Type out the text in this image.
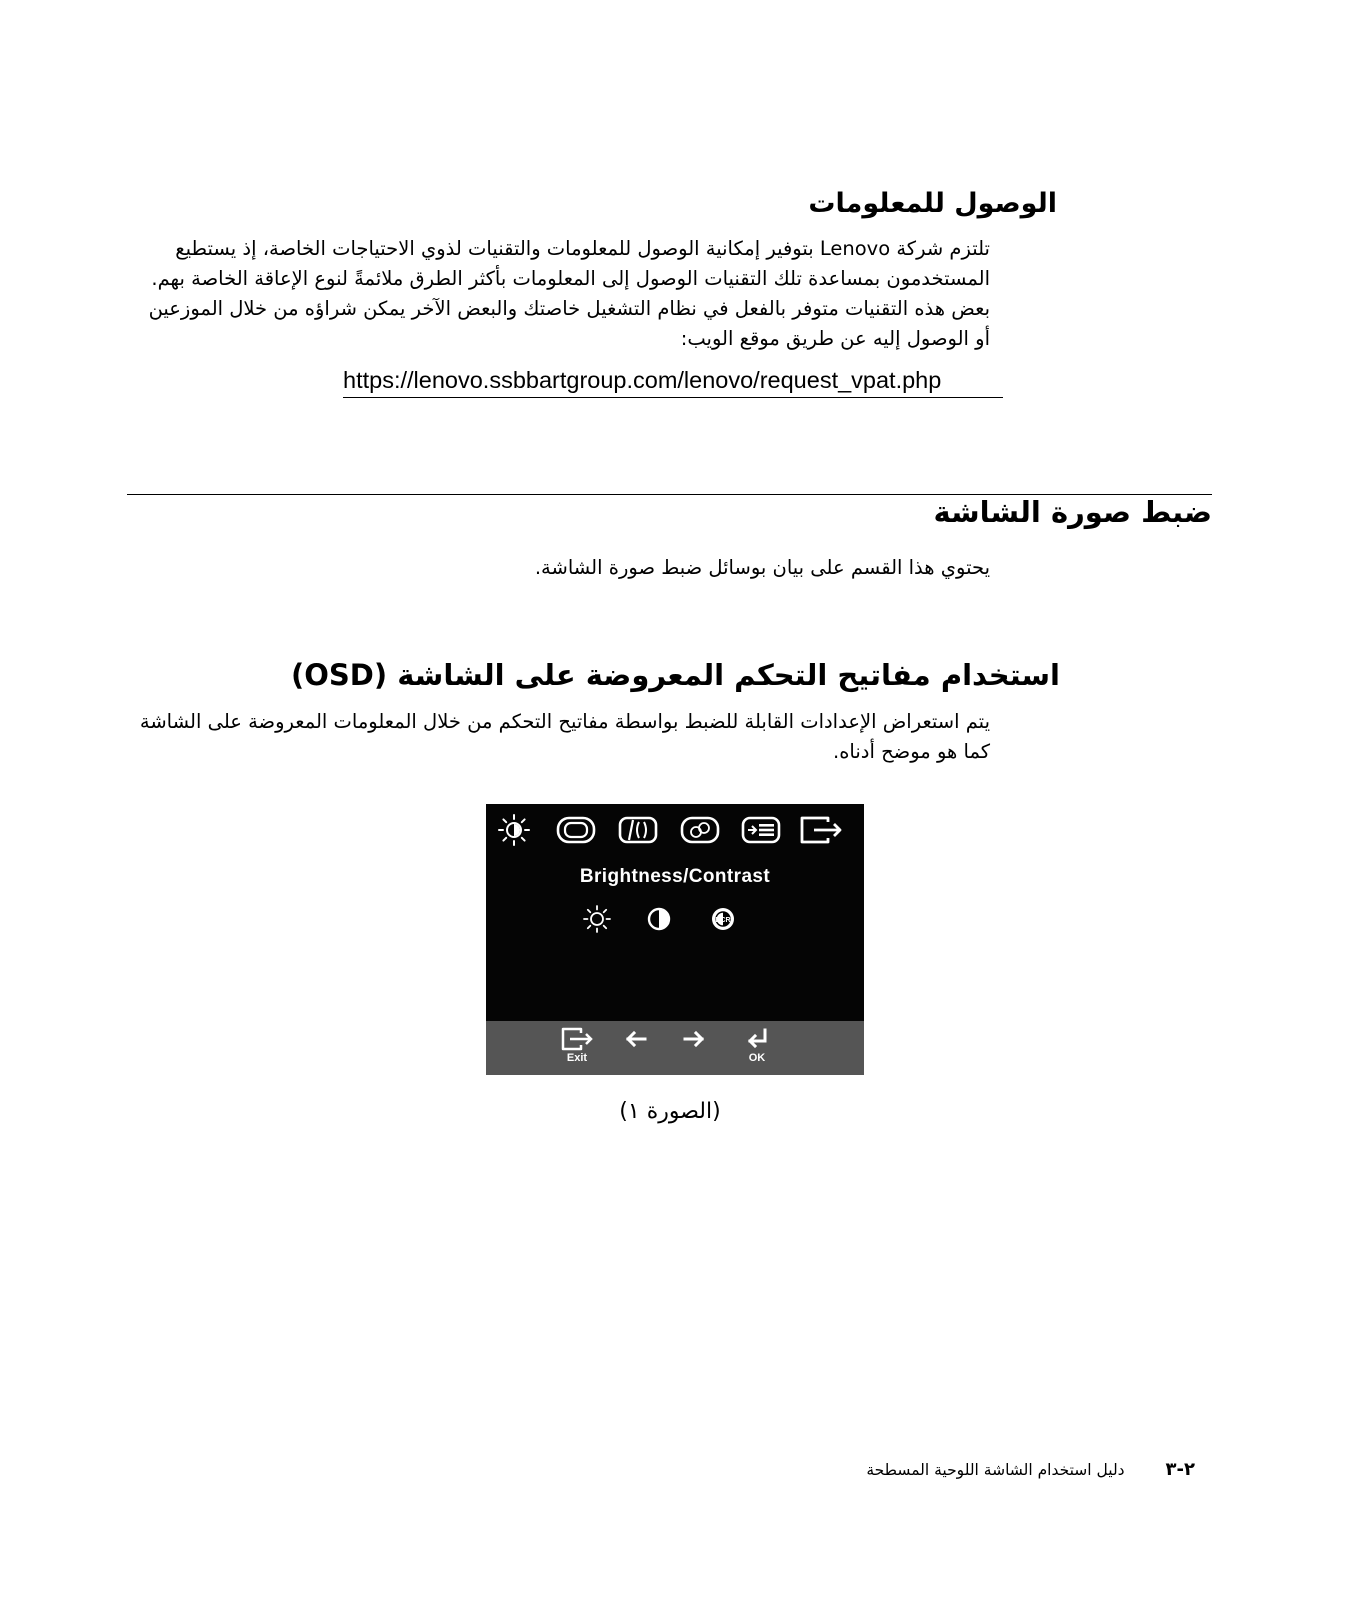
الوصول للمعلومات
تلتزم شركة Lenovo بتوفير إمكانية الوصول للمعلومات والتقنيات لذوي الاحتياجات الخاصة، إذ يستطيع المستخدمون بمساعدة تلك التقنيات الوصول إلى المعلومات بأكثر الطرق ملائمةً لنوع الإعاقة الخاصة بهم. بعض هذه التقنيات متوفر بالفعل في نظام التشغيل خاصتك والبعض الآخر يمكن شراؤه من خلال الموزعين أو الوصول إليه عن طريق موقع الويب:
https://lenovo.ssbbartgroup.com/lenovo/request_vpat.php
ضبط صورة الشاشة
يحتوي هذا القسم على بيان بوسائل ضبط صورة الشاشة.
استخدام مفاتيح التحكم المعروضة على الشاشة (OSD)
يتم استعراض الإعدادات القابلة للضبط بواسطة مفاتيح التحكم من خلال المعلومات المعروضة على الشاشة كما هو موضح أدناه.
Brightness/Contrast
DCR
Exit	OK
(الصورة ١)
٢-٣ دليل استخدام الشاشة اللوحية المسطحة
